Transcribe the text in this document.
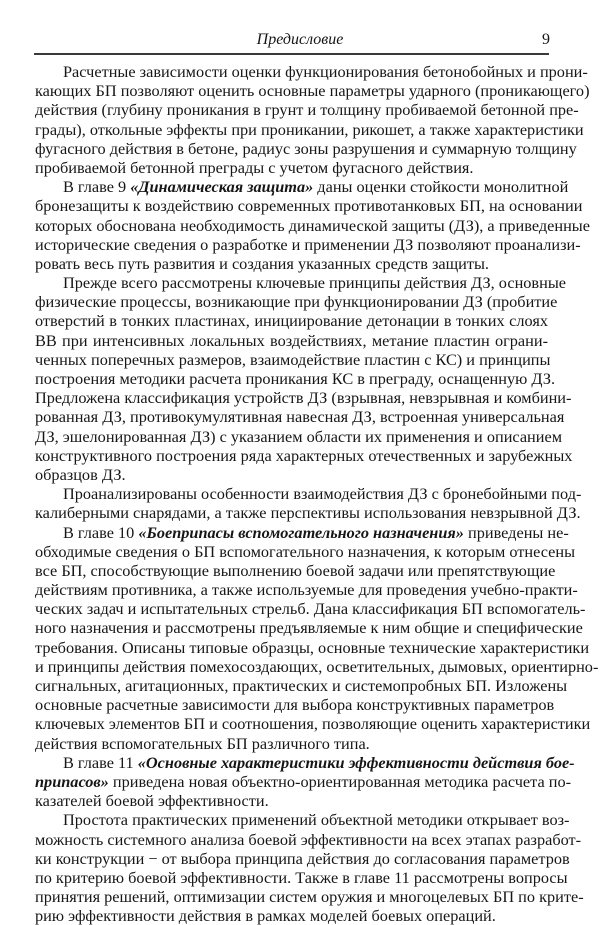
Предисловие	9
Расчетные зависимости оценки функционирования бетонобойных и прони-
кающих БП позволяют оценить основные параметры ударного (проникающего)
действия (глубину проникания в грунт и толщину пробиваемой бетонной пре-
грады), откольные эффекты при проникании, рикошет, а также характеристики
фугасного действия в бетоне, радиус зоны разрушения и суммарную толщину
пробиваемой бетонной преграды с учетом фугасного действия.
В главе 9 «Динамическая защита» даны оценки стойкости монолитной
бронезащиты к воздействию современных противотанковых БП, на основании
которых обоснована необходимость динамической защиты (ДЗ), а приведенные
исторические сведения о разработке и применении ДЗ позволяют проанализи-
ровать весь путь развития и создания указанных средств защиты.
Прежде всего рассмотрены ключевые принципы действия ДЗ, основные
физические процессы, возникающие при функционировании ДЗ (пробитие
отверстий в тонких пластинах, инициирование детонации в тонких слоях
ВВ при интенсивных локальных воздействиях, метание пластин ограни-
ченных поперечных размеров, взаимодействие пластин с КС) и принципы
построения методики расчета проникания КС в преграду, оснащенную ДЗ.
Предложена классификация устройств ДЗ (взрывная, невзрывная и комбини-
рованная ДЗ, противокумулятивная навесная ДЗ, встроенная универсальная
ДЗ, эшелонированная ДЗ) с указанием области их применения и описанием
конструктивного построения ряда характерных отечественных и зарубежных
образцов ДЗ.
Проанализированы особенности взаимодействия ДЗ с бронебойными под-
калиберными снарядами, а также перспективы использования невзрывной ДЗ.
В главе 10 «Боеприпасы вспомогательного назначения» приведены не-
обходимые сведения о БП вспомогательного назначения, к которым отнесены
все БП, способствующие выполнению боевой задачи или препятствующие
действиям противника, а также используемые для проведения учебно-практи-
ческих задач и испытательных стрельб. Дана классификация БП вспомогатель-
ного назначения и рассмотрены предъявляемые к ним общие и специфические
требования. Описаны типовые образцы, основные технические характеристики
и принципы действия помехосоздающих, осветительных, дымовых, ориентирно-
сигнальных, агитационных, практических и системопробных БП. Изложены
основные расчетные зависимости для выбора конструктивных параметров
ключевых элементов БП и соотношения, позволяющие оценить характеристики
действия вспомогательных БП различного типа.
В главе 11 «Основные характеристики эффективности действия бое-
припасов» приведена новая объектно-ориентированная методика расчета по-
казателей боевой эффективности.
Простота практических применений объектной методики открывает воз-
можность системного анализа боевой эффективности на всех этапах разработ-
ки конструкции − от выбора принципа действия до согласования параметров
по критерию боевой эффективности. Также в главе 11 рассмотрены вопросы
принятия решений, оптимизации систем оружия и многоцелевых БП по крите-
рию эффективности действия в рамках моделей боевых операций.
